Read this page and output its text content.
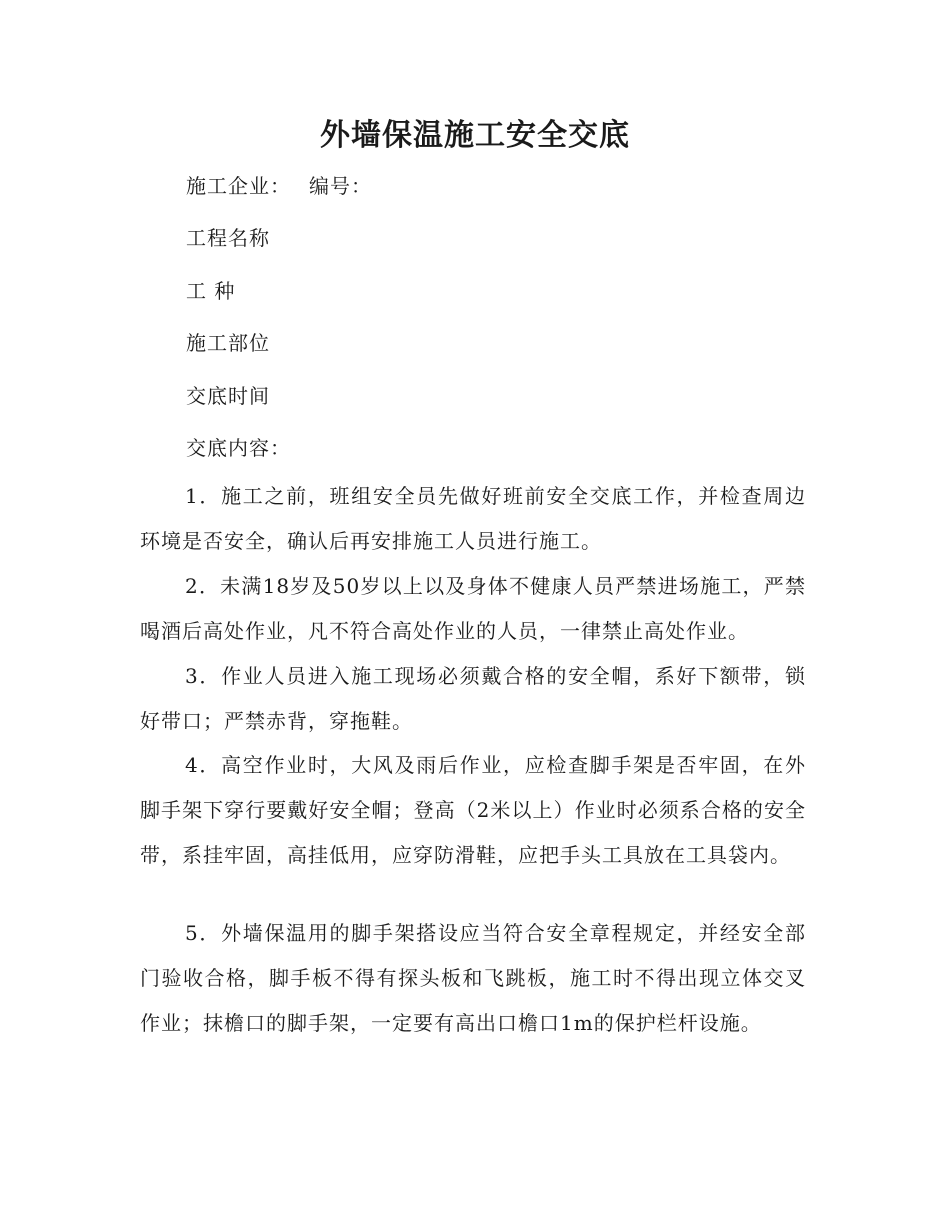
外墙保温施工安全交底
施工企业： 编号：
工程名称
工 种
施工部位
交底时间
交底内容：
1．施工之前，班组安全员先做好班前安全交底工作，并检查周边环境是否安全，确认后再安排施工人员进行施工。
2．未满18岁及50岁以上以及身体不健康人员严禁进场施工，严禁喝酒后高处作业，凡不符合高处作业的人员，一律禁止高处作业。
3．作业人员进入施工现场必须戴合格的安全帽，系好下额带，锁好带口；严禁赤背，穿拖鞋。
4．高空作业时，大风及雨后作业，应检查脚手架是否牢固，在外脚手架下穿行要戴好安全帽；登高（2米以上）作业时必须系合格的安全带，系挂牢固，高挂低用，应穿防滑鞋，应把手头工具放在工具袋内。
5．外墙保温用的脚手架搭设应当符合安全章程规定，并经安全部门验收合格，脚手板不得有探头板和飞跳板，施工时不得出现立体交叉作业；抹檐口的脚手架，一定要有高出口檐口1m的保护栏杆设施。
